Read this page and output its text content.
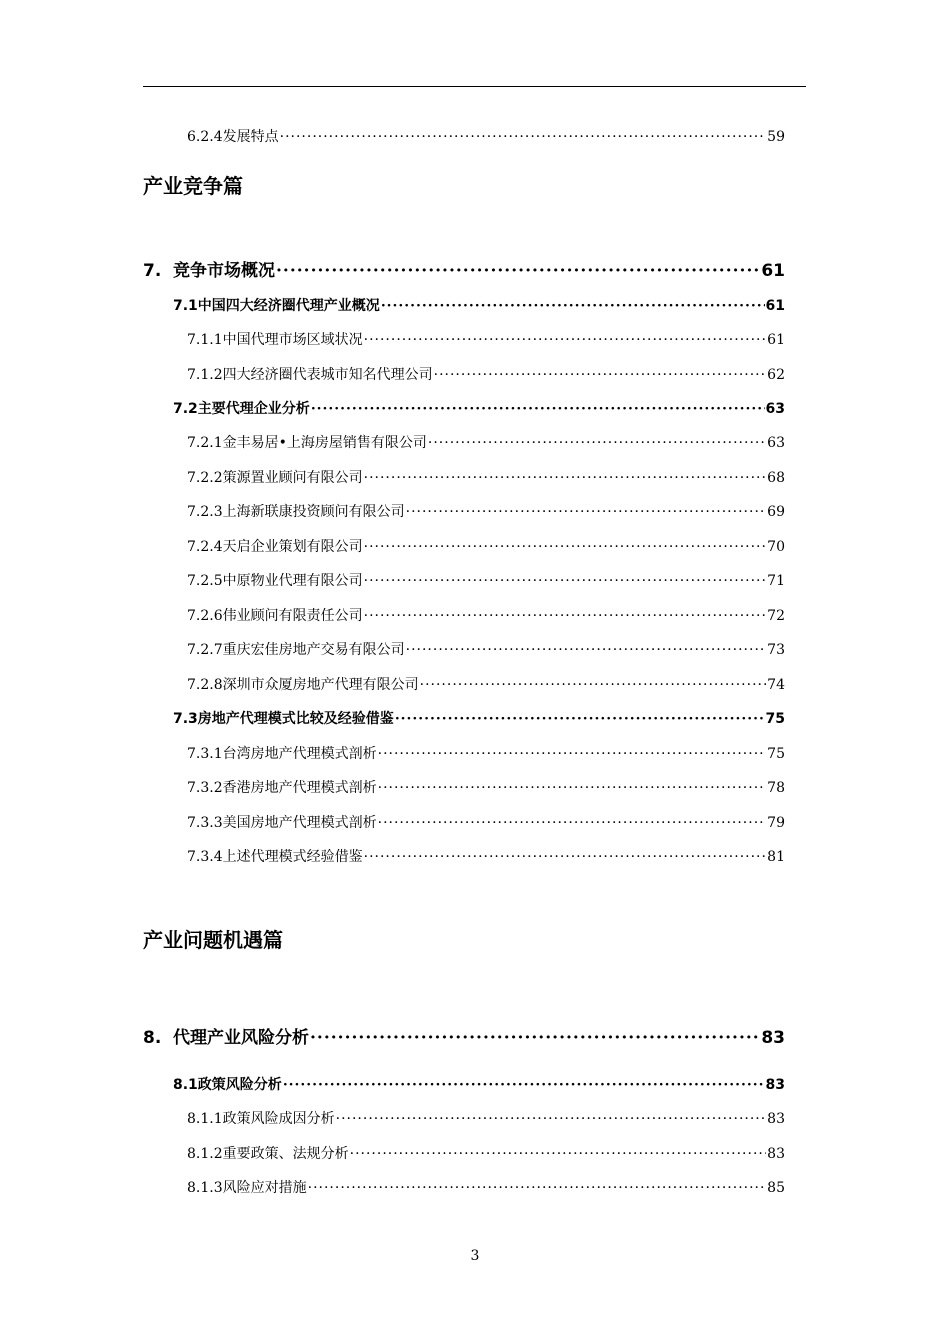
6.2.4发展特点 ·····	59
产业竞争篇
7. 竞争市场概况 ·····	61
7.1中国四大经济圈代理产业概况 ·····	61
7.1.1中国代理市场区域状况 ·····	61
7.1.2四大经济圈代表城市知名代理公司 ·····	62
7.2主要代理企业分析 ·····	63
7.2.1金丰易居•上海房屋销售有限公司 ·····	63
7.2.2策源置业顾问有限公司 ·····	68
7.2.3上海新联康投资顾问有限公司 ·····	69
7.2.4天启企业策划有限公司 ·····	70
7.2.5中原物业代理有限公司 ·····	71
7.2.6伟业顾问有限责任公司 ·····	72
7.2.7重庆宏佳房地产交易有限公司 ·····	73
7.2.8深圳市众厦房地产代理有限公司 ·····	74
7.3房地产代理模式比较及经验借鉴 ·····	75
7.3.1台湾房地产代理模式剖析 ·····	75
7.3.2香港房地产代理模式剖析 ·····	78
7.3.3美国房地产代理模式剖析 ·····	79
7.3.4上述代理模式经验借鉴 ·····	81
产业问题机遇篇
8. 代理产业风险分析 ·····	83
8.1政策风险分析 ·····	83
8.1.1政策风险成因分析 ·····	83
8.1.2重要政策、法规分析 ·····	83
8.1.3风险应对措施 ·····	85
3
